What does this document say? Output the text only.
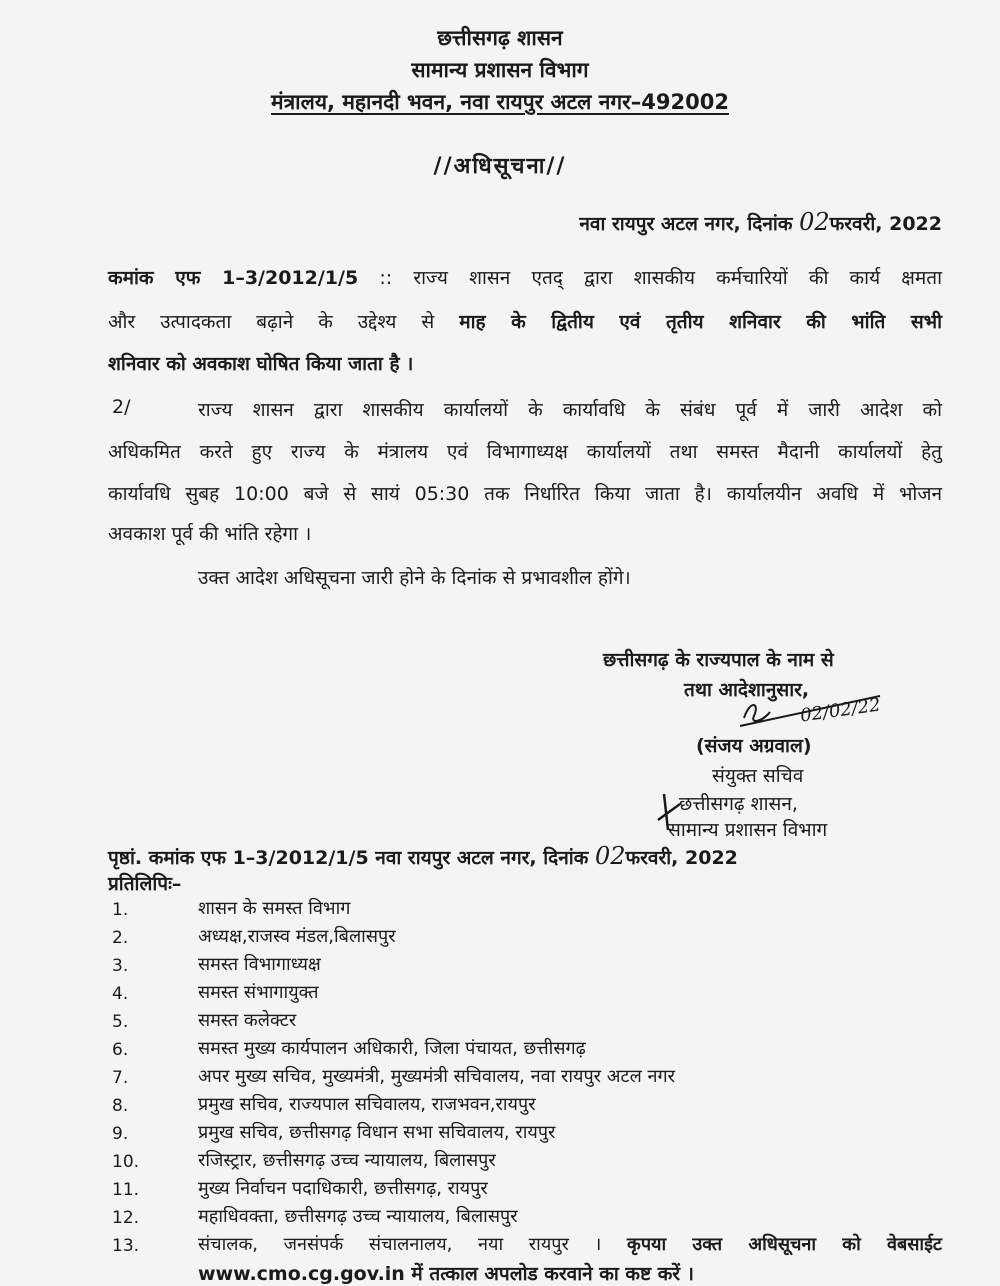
छत्तीसगढ़ शासन
सामान्य प्रशासन विभाग
मंत्रालय, महानदी भवन, नवा रायपुर अटल नगर–492002
//अधिसूचना//
नवा रायपुर अटल नगर, दिनांक 02फरवरी, 2022
कमांक एफ 1–3/2012/1/5 :: राज्य शासन एतद् द्वारा शासकीय कर्मचारियों की कार्य क्षमता
और उत्पादकता बढ़ाने के उद्देश्य से माह के द्वितीय एवं तृतीय शनिवार की भांति सभी
शनिवार को अवकाश घोषित किया जाता है ।
2/	राज्य शासन द्वारा शासकीय कार्यालयों के कार्यावधि के संबंध पूर्व में जारी आदेश को
अधिकमित करते हुए राज्य के मंत्रालय एवं विभागाध्यक्ष कार्यालयों तथा समस्त मैदानी कार्यालयों हेतु
कार्यावधि सुबह 10:00 बजे से सायं 05:30 तक निर्धारित किया जाता है। कार्यालयीन अवधि में भोजन
अवकाश पूर्व की भांति रहेगा ।
उक्त आदेश अधिसूचना जारी होने के दिनांक से प्रभावशील होंगे।
छत्तीसगढ़ के राज्यपाल के नाम से
तथा आदेशानुसार,
02/02/22
(संजय अग्रवाल)
संयुक्त सचिव
छत्तीसगढ़ शासन,
सामान्य प्रशासन विभाग
पृष्ठां. कमांक एफ 1–3/2012/1/5 नवा रायपुर अटल नगर, दिनांक 02फरवरी, 2022
प्रतिलिपिः–
1.	शासन के समस्त विभाग
2.	अध्यक्ष,राजस्व मंडल,बिलासपुर
3.	समस्त विभागाध्यक्ष
4.	समस्त संभागायुक्त
5.	समस्त कलेक्टर
6.	समस्त मुख्य कार्यपालन अधिकारी, जिला पंचायत, छत्तीसगढ़
7.	अपर मुख्य सचिव, मुख्यमंत्री, मुख्यमंत्री सचिवालय, नवा रायपुर अटल नगर
8.	प्रमुख सचिव, राज्यपाल सचिवालय, राजभवन,रायपुर
9.	प्रमुख सचिव, छत्तीसगढ़ विधान सभा सचिवालय, रायपुर
10.	रजिस्ट्रार, छत्तीसगढ़ उच्च न्यायालय, बिलासपुर
11.	मुख्य निर्वाचन पदाधिकारी, छत्तीसगढ़, रायपुर
12.	महाधिवक्ता, छत्तीसगढ़ उच्च न्यायालय, बिलासपुर
13.	संचालक, जनसंपर्क संचालनालय, नया रायपुर । कृपया उक्त अधिसूचना को वेबसाईट
www.cmo.cg.gov.in में तत्काल अपलोड करवाने का कष्ट करें ।
